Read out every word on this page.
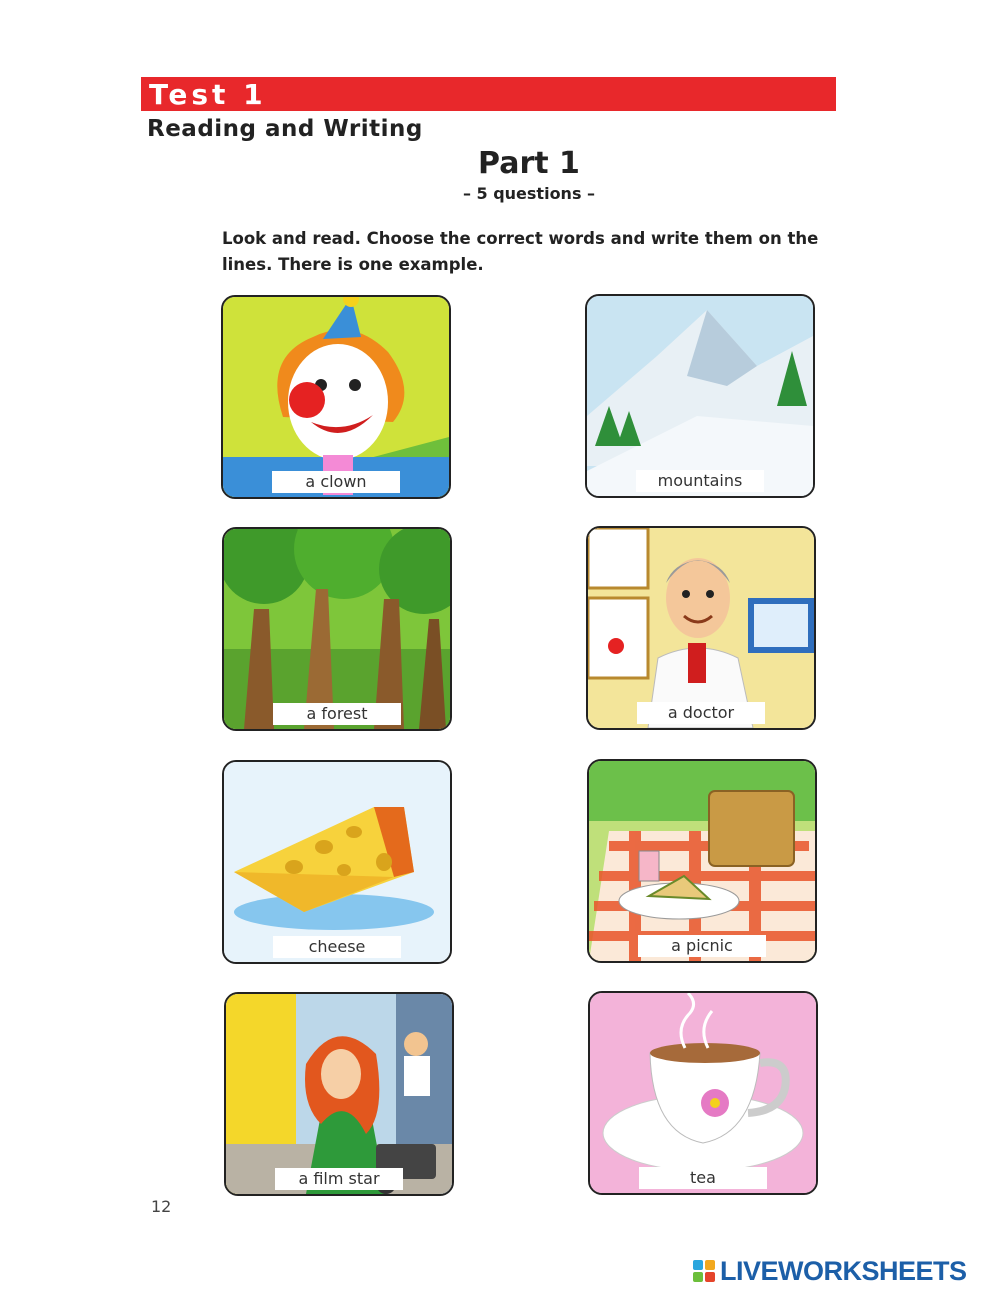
Test 1
Reading and Writing
Part 1
– 5 questions –
Look and read. Choose the correct words and write them on the lines. There is one example.
a clown	mountains
a forest	a doctor
cheese	a picnic
a film star	tea
12
LIVEWORKSHEETS
